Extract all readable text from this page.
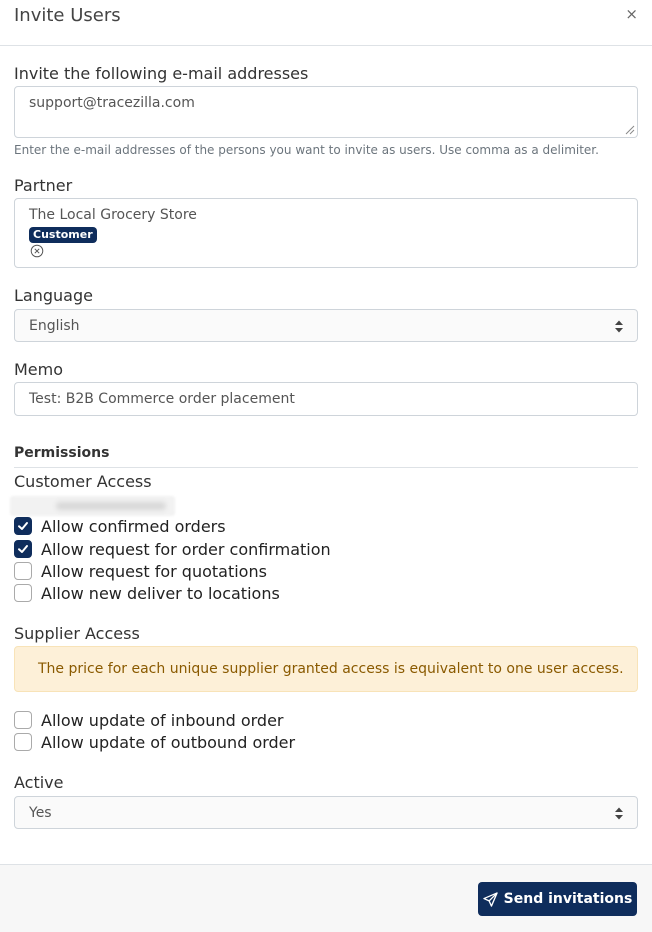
Invite Users	×
Invite the following e-mail addresses
support@tracezilla.com
Enter the e-mail addresses of the persons you want to invite as users. Use comma as a delimiter.
Partner
The Local Grocery Store
Customer
Language
English
Memo
Test: B2B Commerce order placement
Permissions
Customer Access
Allow confirmed orders
Allow request for order confirmation
Allow request for quotations
Allow new deliver to locations
Supplier Access
The price for each unique supplier granted access is equivalent to one user access.
Allow update of inbound order
Allow update of outbound order
Active
Yes
Send invitations
